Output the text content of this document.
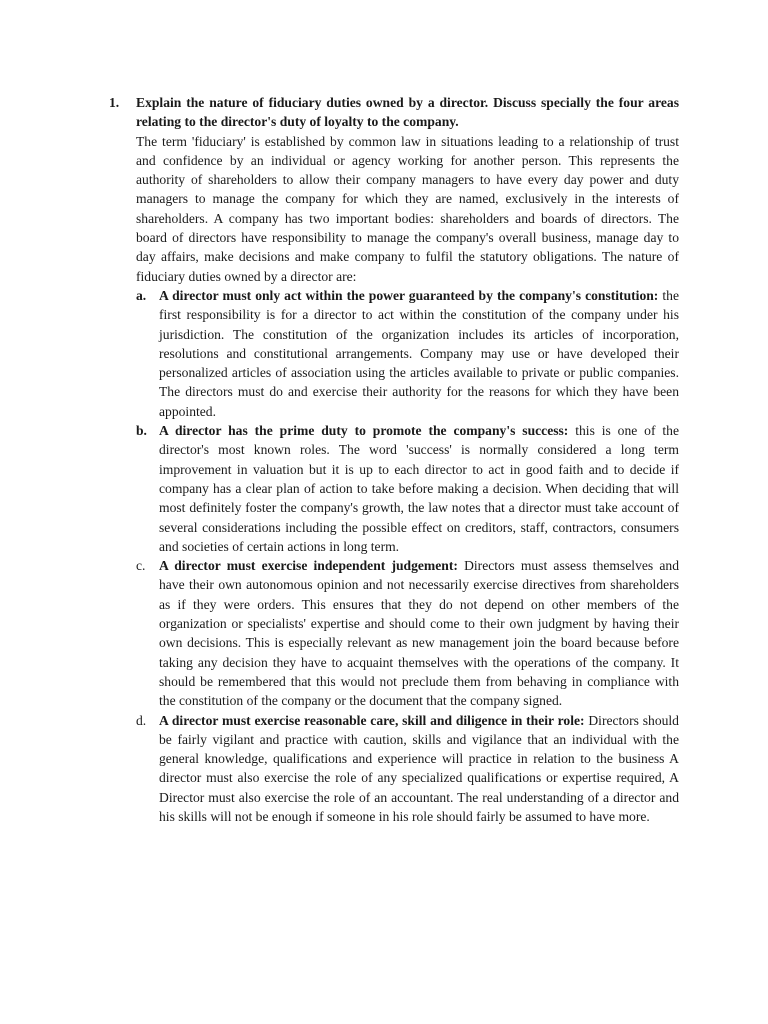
1. Explain the nature of fiduciary duties owned by a director. Discuss specially the four areas relating to the director's duty of loyalty to the company.
The term 'fiduciary' is established by common law in situations leading to a relationship of trust and confidence by an individual or agency working for another person. This represents the authority of shareholders to allow their company managers to have every day power and duty managers to manage the company for which they are named, exclusively in the interests of shareholders. A company has two important bodies: shareholders and boards of directors. The board of directors have responsibility to manage the company's overall business, manage day to day affairs, make decisions and make company to fulfil the statutory obligations. The nature of fiduciary duties owned by a director are:
a. A director must only act within the power guaranteed by the company's constitution: the first responsibility is for a director to act within the constitution of the company under his jurisdiction. The constitution of the organization includes its articles of incorporation, resolutions and constitutional arrangements. Company may use or have developed their personalized articles of association using the articles available to private or public companies. The directors must do and exercise their authority for the reasons for which they have been appointed.
b. A director has the prime duty to promote the company's success: this is one of the director's most known roles. The word 'success' is normally considered a long term improvement in valuation but it is up to each director to act in good faith and to decide if company has a clear plan of action to take before making a decision. When deciding that will most definitely foster the company's growth, the law notes that a director must take account of several considerations including the possible effect on creditors, staff, contractors, consumers and societies of certain actions in long term.
c. A director must exercise independent judgement: Directors must assess themselves and have their own autonomous opinion and not necessarily exercise directives from shareholders as if they were orders. This ensures that they do not depend on other members of the organization or specialists' expertise and should come to their own judgment by having their own decisions. This is especially relevant as new management join the board because before taking any decision they have to acquaint themselves with the operations of the company. It should be remembered that this would not preclude them from behaving in compliance with the constitution of the company or the document that the company signed.
d. A director must exercise reasonable care, skill and diligence in their role: Directors should be fairly vigilant and practice with caution, skills and vigilance that an individual with the general knowledge, qualifications and experience will practice in relation to the business A director must also exercise the role of any specialized qualifications or expertise required, A Director must also exercise the role of an accountant. The real understanding of a director and his skills will not be enough if someone in his role should fairly be assumed to have more.
